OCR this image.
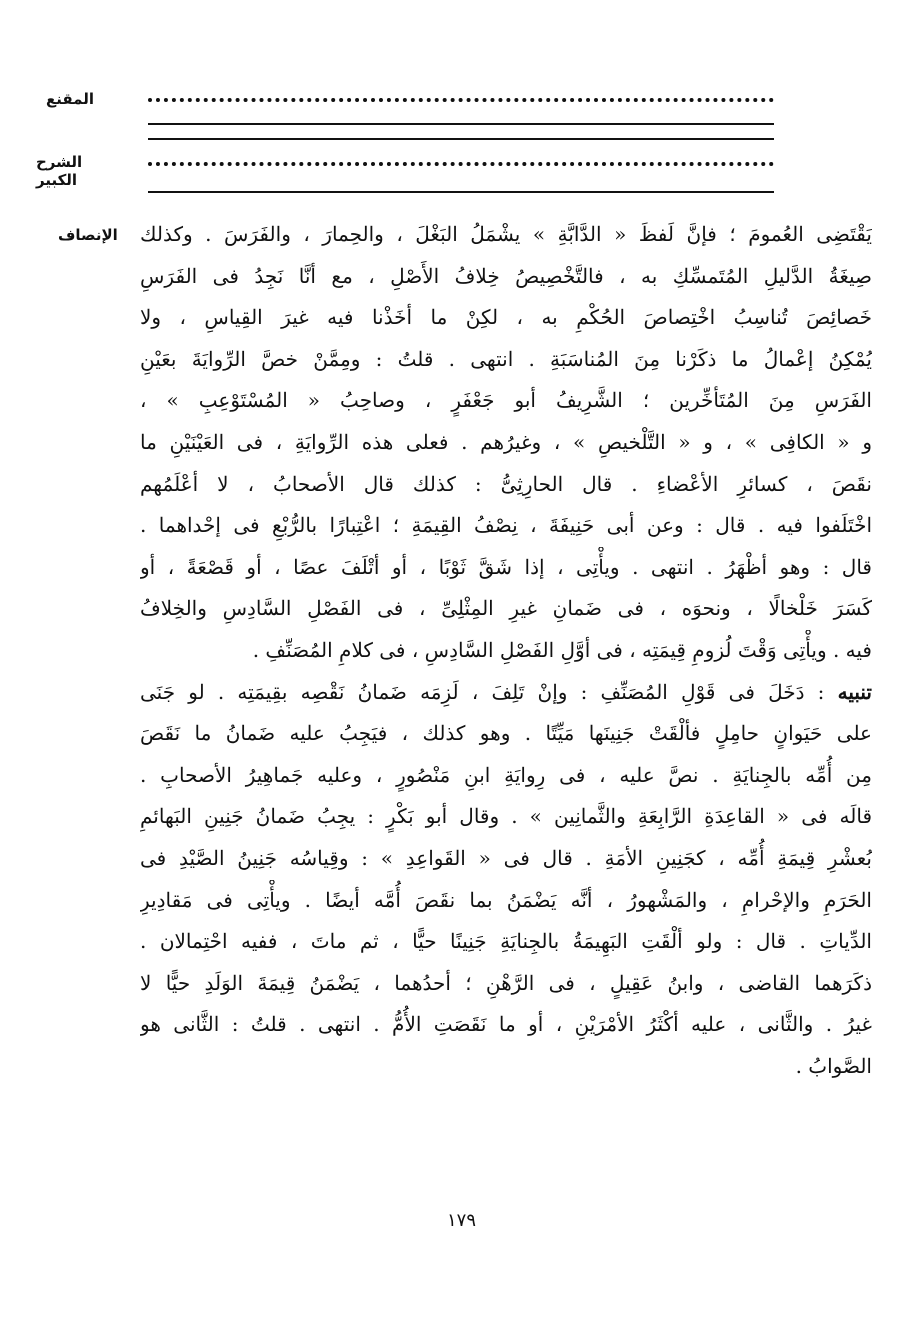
المقنع
الشرح الكبير
الإنصاف	يَقْتَضِى العُمومَ ؛ فإنَّ لَفظَ « الدَّابَّةِ » يشْمَلُ البَغْلَ ، والحِمارَ ، والفَرَسَ . وكذلك
صِيغَةُ الدَّليلِ المُتَمسِّكِ به ، فالتَّخْصِيصُ خِلافُ الأَصْلِ ، مع أنَّا نَجِدُ فى الفَرَسِ
خَصائِصَ تُناسِبُ اخْتِصاصَ الحُكْمِ به ، لكِنْ ما أخَذْنا فيه غيرَ القِياسِ ، ولا
يُمْكِنُ إعْمالُ ما ذكَرْنا مِنَ المُناسَبَةِ . انتهى . قلتُ : ومِمَّنْ خصَّ الرِّوايَةَ بعَيْنِ
الفَرَسِ مِنَ المُتَأخِّرين ؛ الشَّرِيفُ أبو جَعْفَرٍ ، وصاحِبُ « المُسْتَوْعِبِ » ،
و « الكافِى » ، و « التَّلْخيصِ » ، وغيرُهم . فعلى هذه الرِّوايَةِ ، فى العَيْنَيْنِ ما
نقَصَ ، كسائرِ الأعْضاءِ . قال الحارِثِىُّ : كذلك قال الأصحابُ ، لا أعْلَمُهم
اخْتَلَفوا فيه . قال : وعن أبى حَنِيفَةَ ، نِصْفُ القِيمَةِ ؛ اعْتِبارًا بالرُّبْعِ فى إحْداهما .
قال : وهو أظْهَرُ . انتهى . ويأْتِى ، إذا شَقَّ ثَوْبًا ، أو أتْلَفَ عصًا ، أو قَصْعَةً ، أو
كَسَرَ خَلْخالًا ، ونحوَه ، فى ضَمانِ غيرِ المِثْلِىِّ ، فى الفَصْلِ السَّادِسِ والخِلافُ
فيه . ويأْتِى وَقْتَ لُزومِ قِيمَتِه ، فى أوَّلِ الفَصْلِ السَّادِسِ ، فى كلامِ المُصَنِّفِ .
تنبيه : دَخَلَ فى قَوْلِ المُصَنِّفِ : وإنْ تَلِفَ ، لَزِمَه ضَمانُ نَقْصِه بقِيمَتِه . لو جَنَى
على حَيَوانٍ حامِلٍ فألْقَتْ جَنِينَها مَيِّتًا . وهو كذلك ، فيَجِبُ عليه ضَمانُ ما نَقَصَ
مِن أُمِّه بالجِنايَةِ . نصَّ عليه ، فى رِوايَةِ ابنِ مَنْصُورٍ ، وعليه جَماهِيرُ الأصحابِ .
قالَه فى « القاعِدَةِ الرَّابِعَةِ والثَّمانِين » . وقال أبو بَكْرٍ : يجِبُ ضَمانُ جَنِينِ البَهائمِ
بُعشْرِ قِيمَةِ أُمِّه ، كجَنِينِ الأمَةِ . قال فى « القَواعِدِ » : وقِياسُه جَنِينُ الصَّيْدِ فى
الحَرَمِ والإحْرامِ ، والمَشْهورُ ، أنَّه يَضْمَنُ بما نقَصَ أُمَّه أيضًا . ويأْتِى فى مَقادِيرِ
الدِّياتِ . قال : ولو ألْقَتِ البَهِيمَةُ بالجِنايَةِ جَنِينًا حيًّا ، ثم ماتَ ، ففيه احْتِمالان .
ذكَرَهما القاضى ، وابنُ عَقِيلٍ ، فى الرَّهْنِ ؛ أحدُهما ، يَضْمَنُ قِيمَةَ الوَلَدِ حيًّا لا
غيرُ . والثَّانى ، عليه أكْثَرُ الأمْرَيْنِ ، أو ما نَقَصَتِ الأُمُّ . انتهى . قلتُ : الثَّانى هو
الصَّوابُ .
١٧٩
